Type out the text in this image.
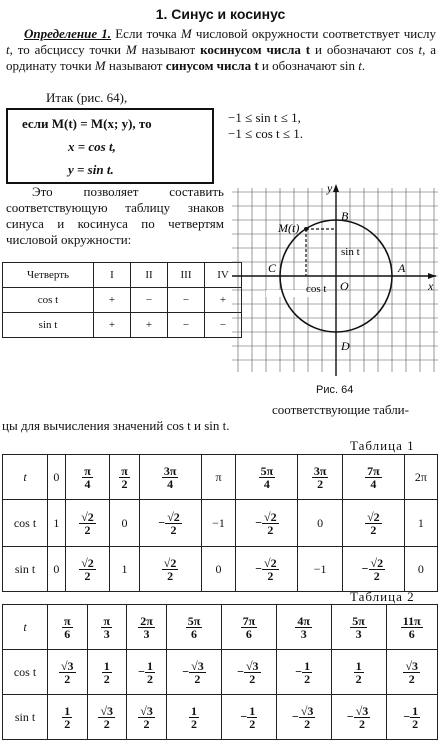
1. Синус и косинус
Определение 1. Если точка M числовой окружности соответствует числу t, то абсциссу точки M называют косинусом числа t и обозначают cos t, а ординату точки M называют синусом числа t и обозначают sin t.
Итак (рис. 64),
если M(t) = M(x; y), то
x = cos t,
y = sin t.
−1 ≤ sin t ≤ 1,
−1 ≤ cos t ≤ 1.
Это позволяет составить соответствующую таблицу знаков синуса и косинуса по четвертям числовой окружности:
Четверть	I	II	III	IV
cos t	+	−	−	+
sin t	+	+	−	−
y
x
M(t)
B
A
C
D
O
sin t
cos t
Рис. 64
соответствующие табли-
цы для вычисления значений cos t и sin t.
Таблица 1
t	0	$\frac{\pi}{4}$	$\frac{\pi}{2}$	$\frac{3\pi}{4}$	π	$\frac{5\pi}{4}$	$\frac{3\pi}{2}$	$\frac{7\pi}{4}$	2π
cos t	1	$\frac{√2}{2}$	0	− $\frac{√2}{2}$	−1	− $\frac{√2}{2}$	0	$\frac{√2}{2}$	1
sin t	0	$\frac{√2}{2}$	1	$\frac{√2}{2}$	0	− $\frac{√2}{2}$	−1	− $\frac{√2}{2}$	0
Таблица 2
t	$\frac{\pi}{6}$	$\frac{\pi}{3}$	$\frac{2\pi}{3}$	$\frac{5\pi}{6}$	$\frac{7\pi}{6}$	$\frac{4\pi}{3}$	$\frac{5\pi}{3}$	$\frac{11\pi}{6}$

cos t	$\frac{√3}{2}$	$\frac{1}{2}$	− $\frac{1}{2}$	− $\frac{√3}{2}$	− $\frac{√3}{2}$	− $\frac{1}{2}$	$\frac{1}{2}$	$\frac{√3}{2}$

sin t	$\frac{1}{2}$	$\frac{√3}{2}$	$\frac{√3}{2}$	$\frac{1}{2}$	− $\frac{1}{2}$	− $\frac{√3}{2}$	− $\frac{√3}{2}$	− $\frac{1}{2}$
